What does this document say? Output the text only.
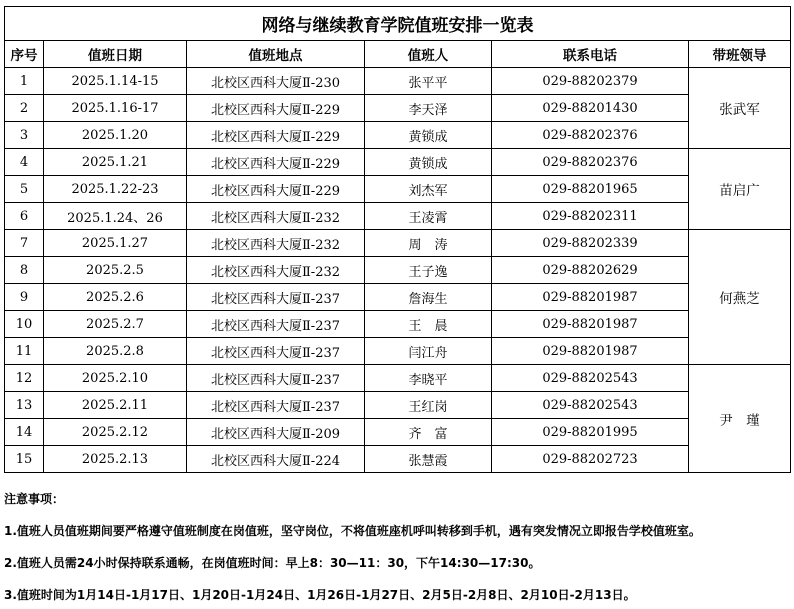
网络与继续教育学院值班安排一览表					
序号	值班日期	值班地点	值班人	联系电话	带班领导
1	2025.1.14-15	北校区西科大厦Ⅱ-230	张平平	029-88202379	张武军
2	2025.1.16-17	北校区西科大厦Ⅱ-229	李天泽	029-88201430	
3	2025.1.20	北校区西科大厦Ⅱ-229	黄锁成	029-88202376	
4	2025.1.21	北校区西科大厦Ⅱ-229	黄锁成	029-88202376	苗启广
5	2025.1.22-23	北校区西科大厦Ⅱ-229	刘杰军	029-88201965	
6	2025.1.24、26	北校区西科大厦Ⅱ-232	王凌霄	029-88202311	
7	2025.1.27	北校区西科大厦Ⅱ-232	周　涛	029-88202339	何燕芝
8	2025.2.5	北校区西科大厦Ⅱ-232	王子逸	029-88202629	
9	2025.2.6	北校区西科大厦Ⅱ-237	詹海生	029-88201987	
10	2025.2.7	北校区西科大厦Ⅱ-237	王　晨	029-88201987	
11	2025.2.8	北校区西科大厦Ⅱ-237	闫江舟	029-88201987	
12	2025.2.10	北校区西科大厦Ⅱ-237	李晓平	029-88202543	尹　瑾
13	2025.2.11	北校区西科大厦Ⅱ-237	王红岗	029-88202543	
14	2025.2.12	北校区西科大厦Ⅱ-209	齐　富	029-88201995	
15	2025.2.13	北校区西科大厦Ⅱ-224	张慧霞	029-88202723	
注意事项：
1.值班人员值班期间要严格遵守值班制度在岗值班，坚守岗位，不将值班座机呼叫转移到手机，遇有突发情况立即报告学校值班室。
2.值班人员需24小时保持联系通畅，在岗值班时间：早上8：30—11：30，下午14:30—17:30。
3.值班时间为1月14日-1月17日、1月20日-1月24日、1月26日-1月27日、2月5日-2月8日、2月10日-2月13日。
